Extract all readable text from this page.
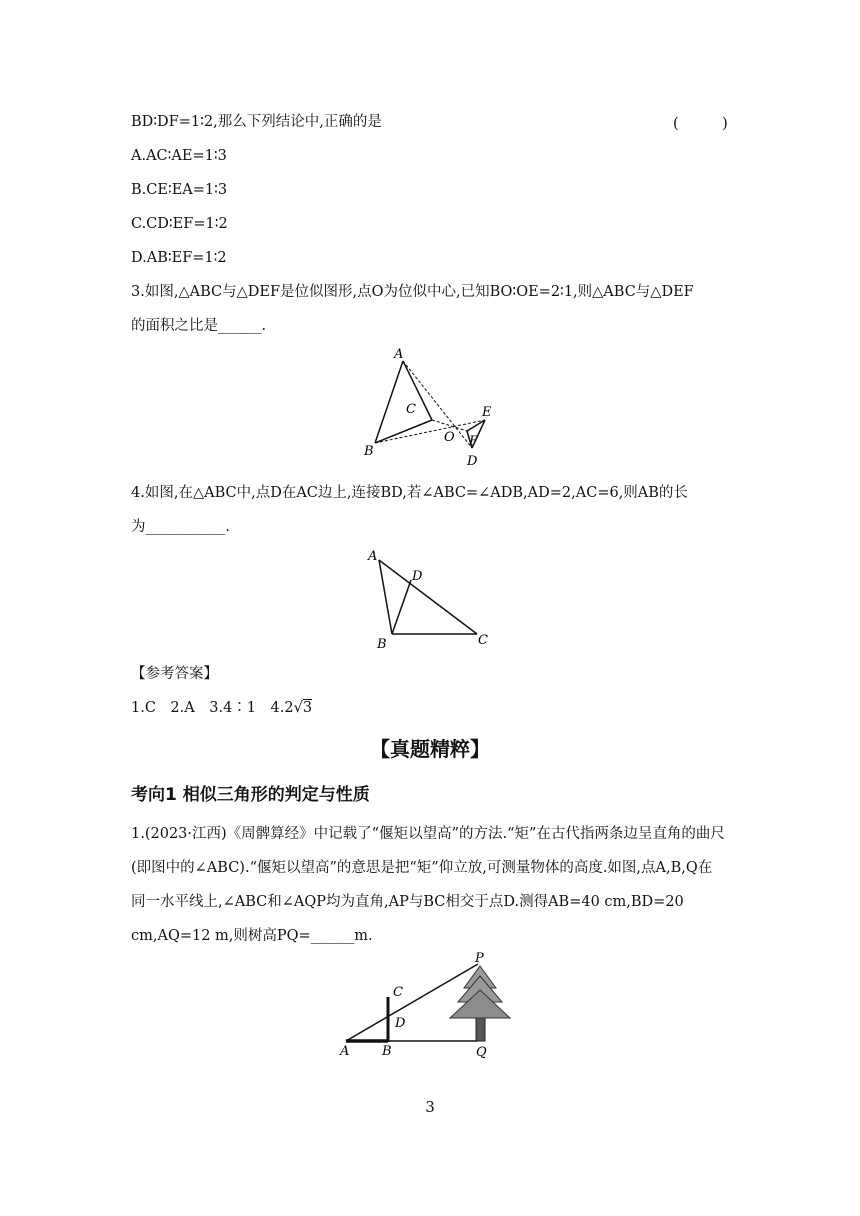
BD∶DF=1∶2,那么下列结论中,正确的是	(　　　)
A.AC∶AE=1∶3
B.CE∶EA=1∶3
C.CD∶EF=1∶2
D.AB∶EF=1∶2
3.如图,△ABC与△DEF是位似图形,点O为位似中心,已知BO∶OE=2∶1,则△ABC与△DEF
的面积之比是______.
A
B
C
D
E
F
O
4.如图,在△ABC中,点D在AC边上,连接BD,若∠ABC=∠ADB,AD=2,AC=6,则AB的长
为___________.
A
B	C
D
【参考答案】
1.C　2.A　3.4∶1　4.2√3
【真题精粹】
考向1 相似三角形的判定与性质
1.(2023·江西)《周髀算经》中记载了“偃矩以望高”的方法.“矩”在古代指两条边呈直角的曲尺
(即图中的∠ABC).“偃矩以望高”的意思是把“矩”仰立放,可测量物体的高度.如图,点A,B,Q在
同一水平线上,∠ABC和∠AQP均为直角,AP与BC相交于点D.测得AB=40 cm,BD=20
cm,AQ=12 m,则树高PQ=______m.
A	B
C
D
P
Q
3
